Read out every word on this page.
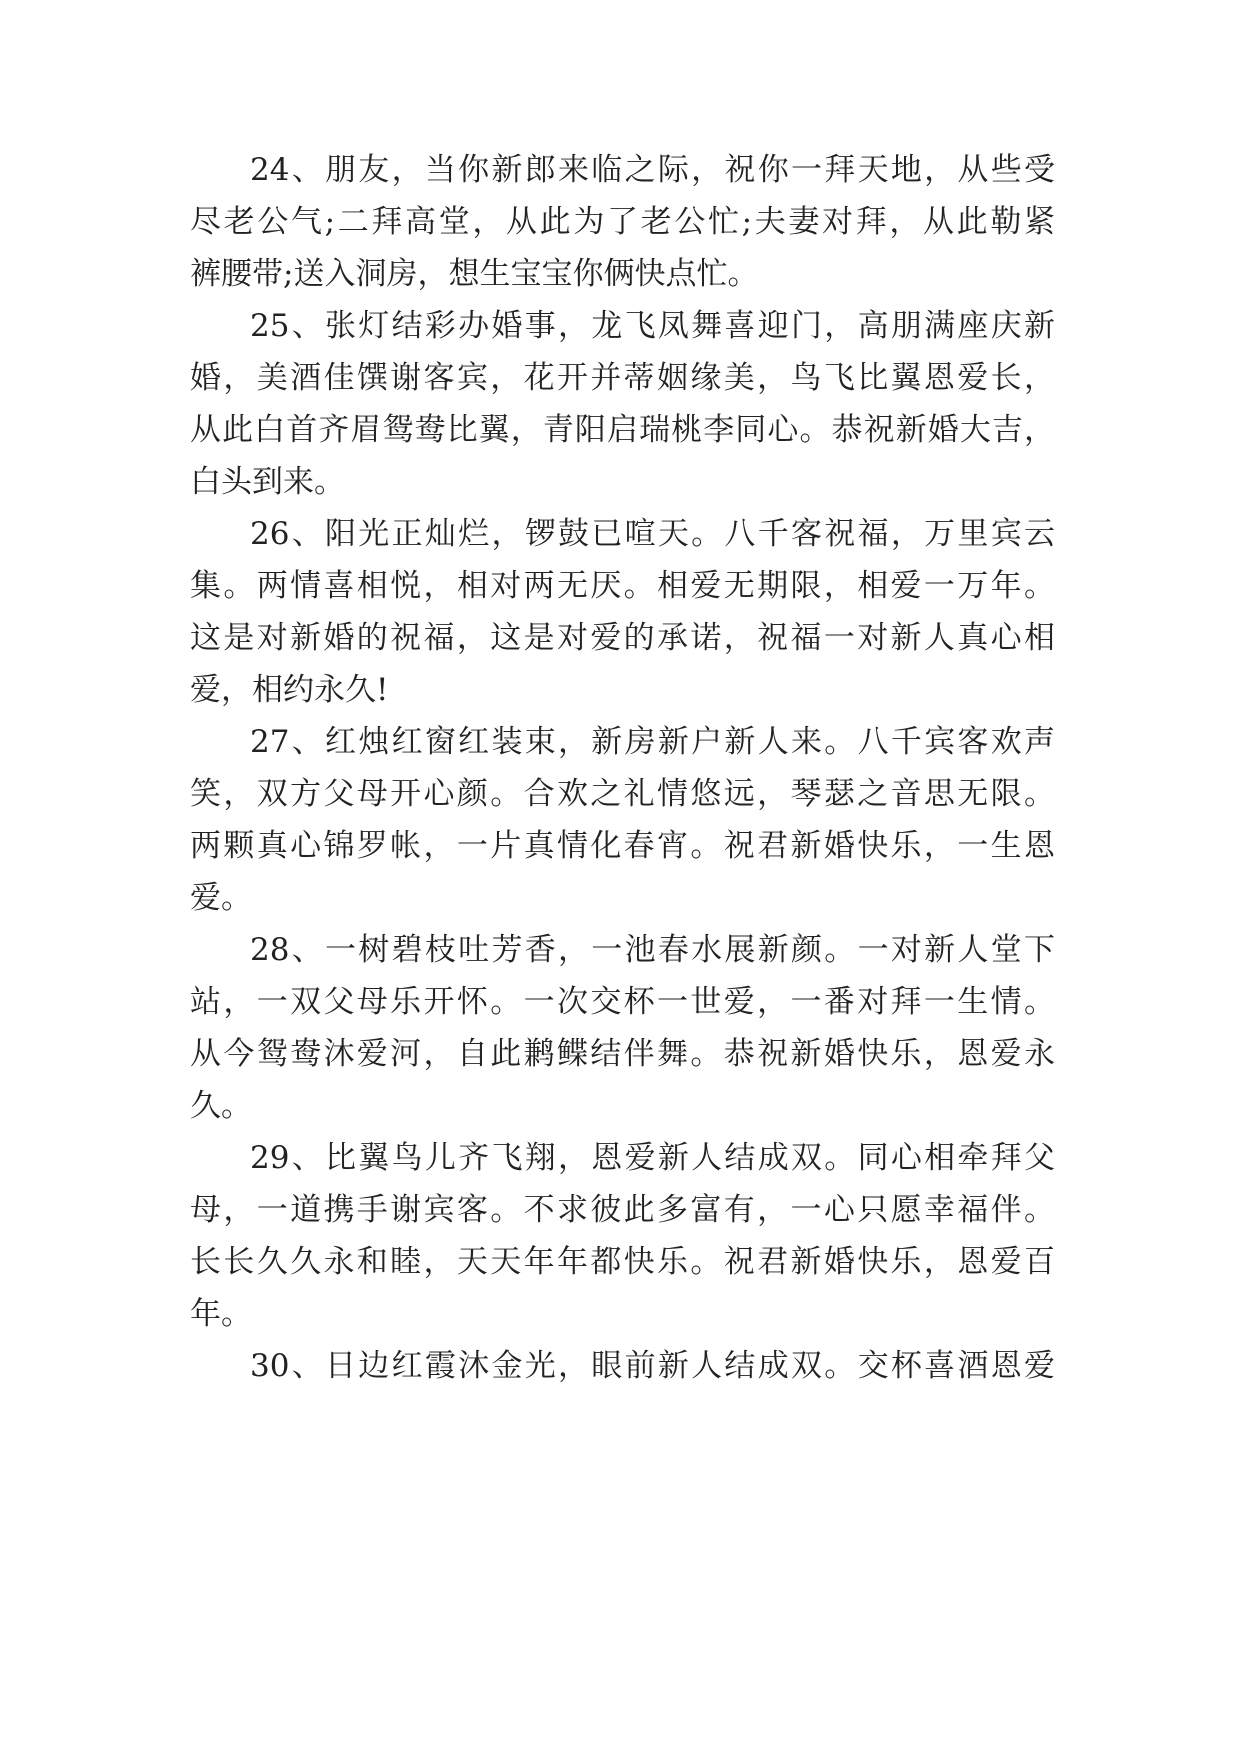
24、朋友，当你新郎来临之际，祝你一拜天地，从些受
尽老公气;二拜高堂，从此为了老公忙;夫妻对拜，从此勒紧
裤腰带;送入洞房，想生宝宝你俩快点忙。
25、张灯结彩办婚事，龙飞凤舞喜迎门，高朋满座庆新
婚，美酒佳馔谢客宾，花开并蒂姻缘美，鸟飞比翼恩爱长，
从此白首齐眉鸳鸯比翼，青阳启瑞桃李同心。恭祝新婚大吉，
白头到来。
26、阳光正灿烂，锣鼓已喧天。八千客祝福，万里宾云
集。两情喜相悦，相对两无厌。相爱无期限，相爱一万年。
这是对新婚的祝福，这是对爱的承诺，祝福一对新人真心相
爱，相约永久!
27、红烛红窗红装束，新房新户新人来。八千宾客欢声
笑，双方父母开心颜。合欢之礼情悠远，琴瑟之音思无限。
两颗真心锦罗帐，一片真情化春宵。祝君新婚快乐，一生恩
爱。
28、一树碧枝吐芳香，一池春水展新颜。一对新人堂下
站，一双父母乐开怀。一次交杯一世爱，一番对拜一生情。
从今鸳鸯沐爱河，自此鹣鲽结伴舞。恭祝新婚快乐，恩爱永
久。
29、比翼鸟儿齐飞翔，恩爱新人结成双。同心相牵拜父
母，一道携手谢宾客。不求彼此多富有，一心只愿幸福伴。
长长久久永和睦，天天年年都快乐。祝君新婚快乐，恩爱百
年。
30、日边红霞沐金光，眼前新人结成双。交杯喜酒恩爱
